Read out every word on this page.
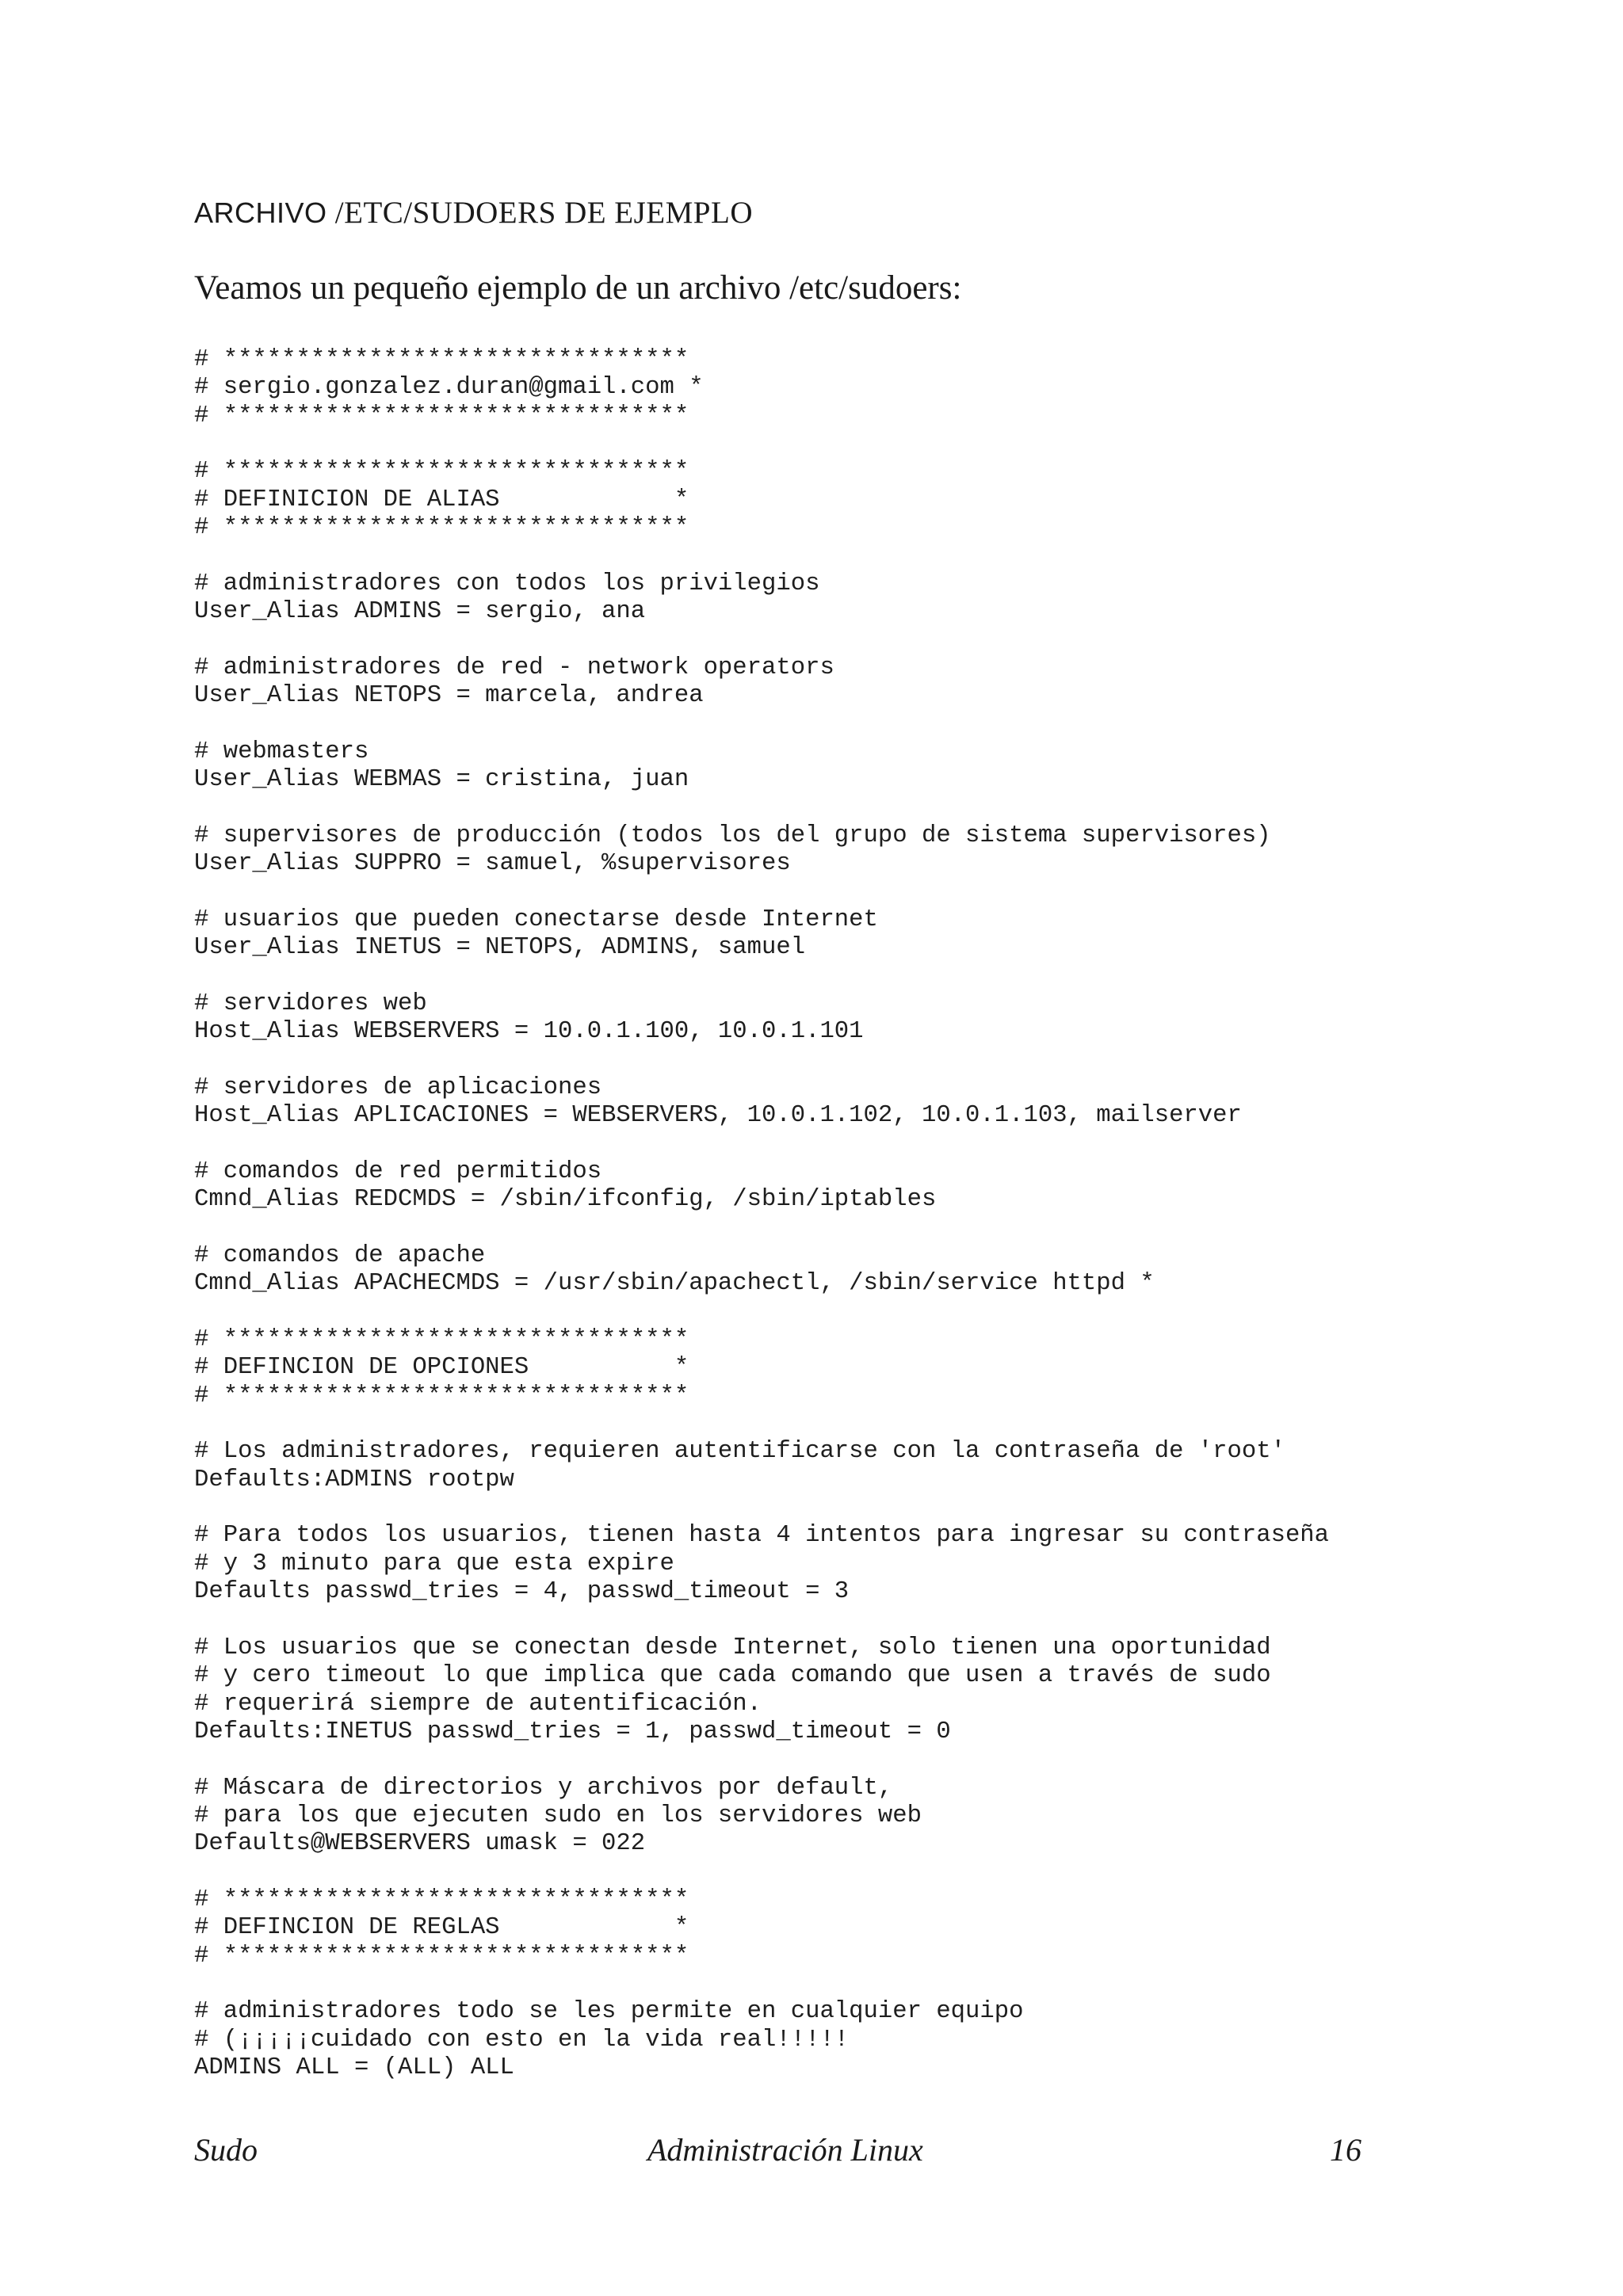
ARCHIVO /ETC/SUDOERS DE EJEMPLO

Veamos un pequeño ejemplo de un archivo /etc/sudoers:

# ********************************
# sergio.gonzalez.duran@gmail.com *
# ********************************
# ********************************
# DEFINICION DE ALIAS            *
# ********************************
# administradores con todos los privilegios
User_Alias ADMINS = sergio, ana
# administradores de red - network operators
User_Alias NETOPS = marcela, andrea
# webmasters
User_Alias WEBMAS = cristina, juan
# supervisores de producción (todos los del grupo de sistema supervisores)
User_Alias SUPPRO = samuel, %supervisores
# usuarios que pueden conectarse desde Internet
User_Alias INETUS = NETOPS, ADMINS, samuel
# servidores web
Host_Alias WEBSERVERS = 10.0.1.100, 10.0.1.101
# servidores de aplicaciones
Host_Alias APLICACIONES = WEBSERVERS, 10.0.1.102, 10.0.1.103, mailserver
# comandos de red permitidos
Cmnd_Alias REDCMDS = /sbin/ifconfig, /sbin/iptables
# comandos de apache
Cmnd_Alias APACHECMDS = /usr/sbin/apachectl, /sbin/service httpd *
# ********************************
# DEFINCION DE OPCIONES          *
# ********************************
# Los administradores, requieren autentificarse con la contraseña de 'root'
Defaults:ADMINS rootpw
# Para todos los usuarios, tienen hasta 4 intentos para ingresar su contraseña
# y 3 minuto para que esta expire
Defaults passwd_tries = 4, passwd_timeout = 3
# Los usuarios que se conectan desde Internet, solo tienen una oportunidad
# y cero timeout lo que implica que cada comando que usen a través de sudo
# requerirá siempre de autentificación.
Defaults:INETUS passwd_tries = 1, passwd_timeout = 0
# Máscara de directorios y archivos por default,
# para los que ejecuten sudo en los servidores web
Defaults@WEBSERVERS umask = 022
# ********************************
# DEFINCION DE REGLAS            *
# ********************************
# administradores todo se les permite en cualquier equipo
# (¡¡¡¡¡cuidado con esto en la vida real!!!!!
ADMINS ALL = (ALL) ALL
Sudo	Administración Linux	16
